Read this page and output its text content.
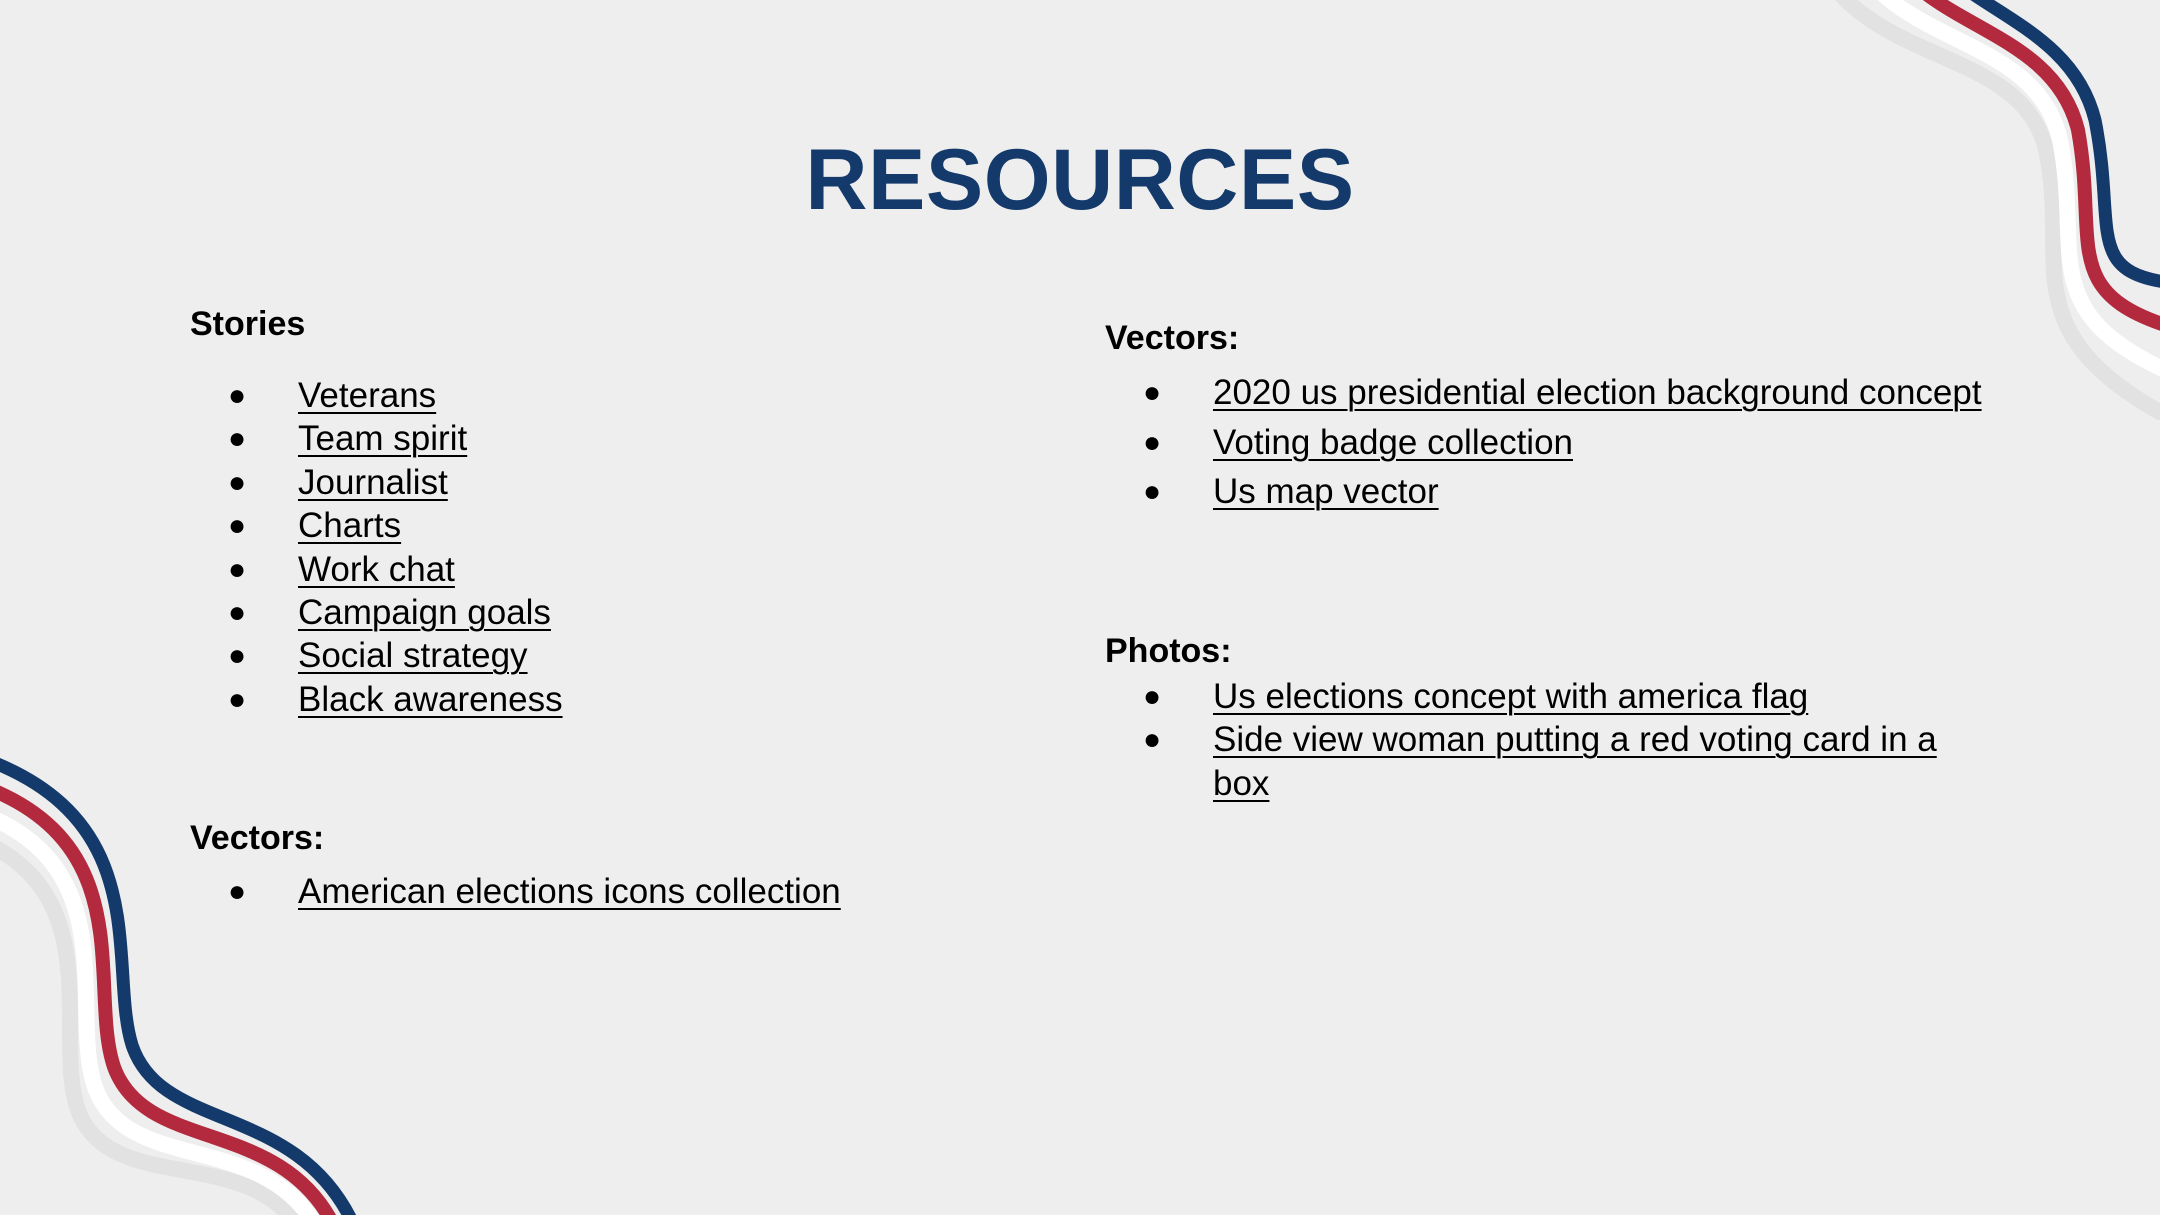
RESOURCES
Stories
● Veterans
● Team spirit
● Journalist
● Charts
● Work chat
● Campaign goals
● Social strategy
● Black awareness
Vectors:
● American elections icons collection
Vectors:
● 2020 us presidential election background concept
● Voting badge collection
● Us map vector
Photos:
● Us elections concept with america flag
● Side view woman putting a red voting card in a box
